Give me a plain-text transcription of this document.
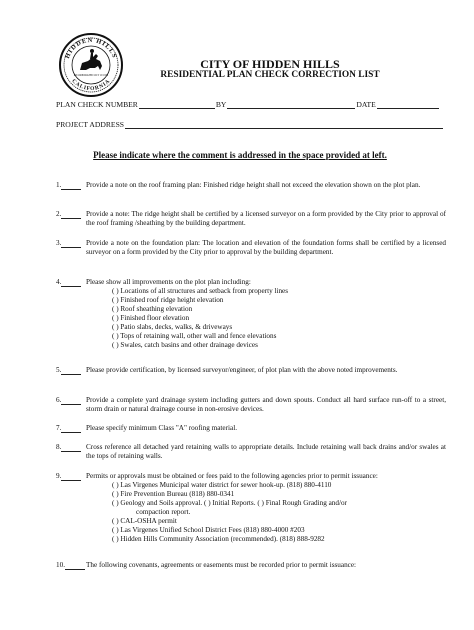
HIDDEN HILLS
CALIFORNIA
INCORPORATED OCT 19 1961
CITY OF HIDDEN HILLS
RESIDENTIAL PLAN CHECK CORRECTION LIST
PLAN CHECK NUMBER	BY	DATE
PROJECT ADDRESS
Please indicate where the comment is addressed in the space provided at left.
1.	Provide a note on the roof framing plan: Finished ridge height shall not exceed the elevation shown on the plot plan.
2.	Provide a note: The ridge height shall be certified by a licensed surveyor on a form provided by the City prior to approval of the roof framing /sheathing by the building department.
3.	Provide a note on the foundation plan: The location and elevation of the foundation forms shall be certified by a licensed surveyor on a form provided by the City prior to approval by the building department.
4.	Please show all improvements on the plot plan including:
( ) Locations of all structures and setback from property lines
( ) Finished roof ridge height elevation
( ) Roof sheathing elevation
( ) Finished floor elevation
( ) Patio slabs, decks, walks, & driveways
( ) Tops of retaining wall, other wall and fence elevations
( ) Swales, catch basins and other drainage devices
5.	Please provide certification, by licensed surveyor/engineer, of plot plan with the above noted improvements.
6.	Provide a complete yard drainage system including gutters and down spouts. Conduct all hard surface run-off to a street, storm drain or natural drainage course in non-erosive devices.
7.	Please specify minimum Class "A" roofing material.
8.	Cross reference all detached yard retaining walls to appropriate details. Include retaining wall back drains and/or swales at the tops of retaining walls.
9.	Permits or approvals must be obtained or fees paid to the following agencies prior to permit issuance:
( ) Las Virgenes Municipal water district for sewer hook-up. (818) 880-4110
( ) Fire Prevention Bureau (818) 880-0341
( ) Geology and Soils approval. ( ) Initial Reports. ( ) Final Rough Grading and/or
compaction report.
( ) CAL-OSHA permit
( ) Las Virgenes Unified School District Fees (818) 880-4000 #203
( ) Hidden Hills Community Association (recommended). (818) 888-9282
10.	The following covenants, agreements or easements must be recorded prior to permit issuance:
